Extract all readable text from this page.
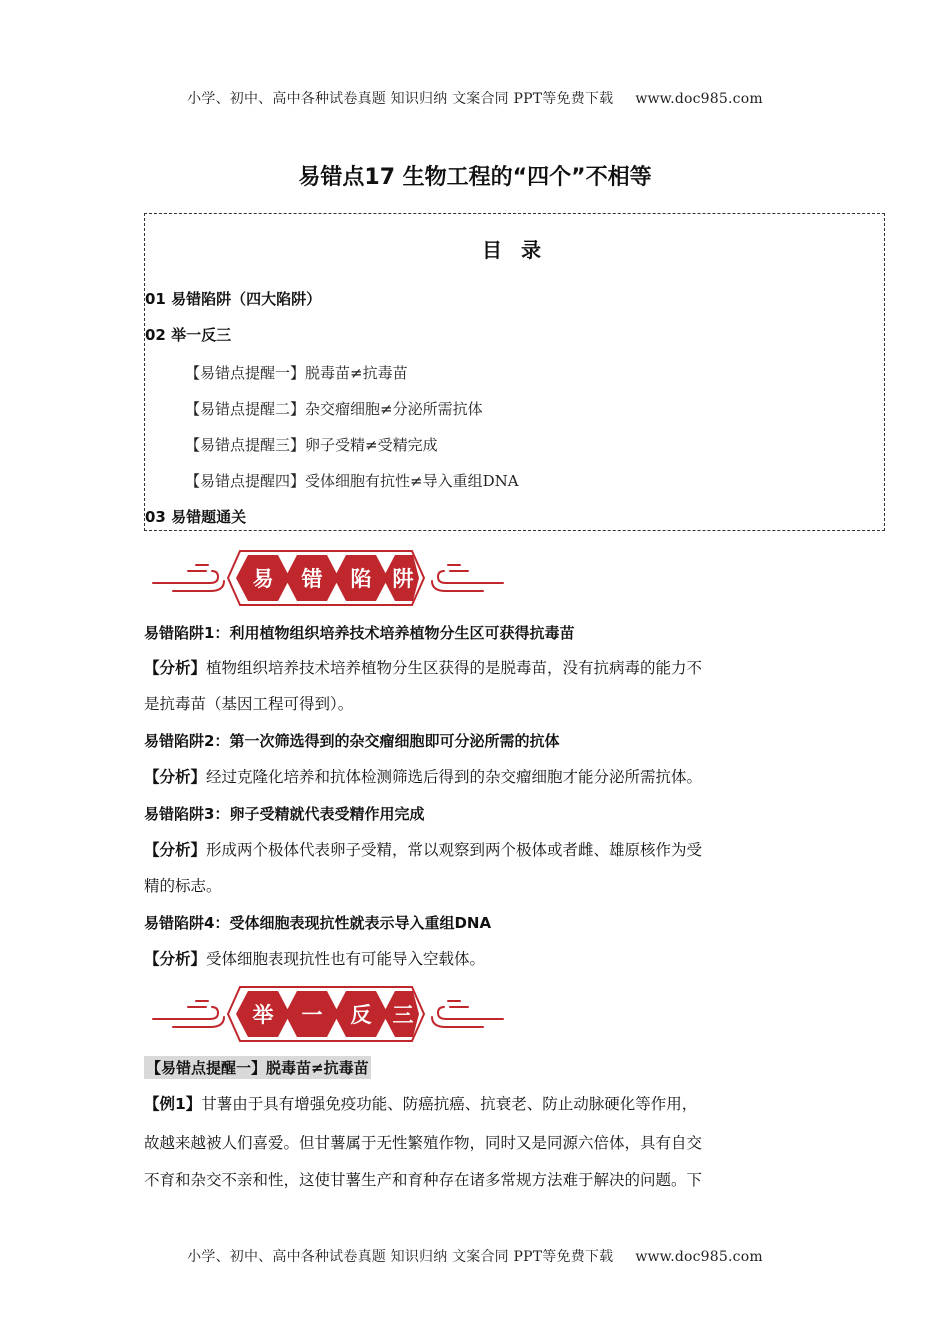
小学、初中、高中各种试卷真题 知识归纳 文案合同 PPT等免费下载 www.doc985.com
易错点17 生物工程的“四个”不相等
目 录
01 易错陷阱（四大陷阱）
02 举一反三
【易错点提醒一】脱毒苗≠抗毒苗
【易错点提醒二】杂交瘤细胞≠分泌所需抗体
【易错点提醒三】卵子受精≠受精完成
【易错点提醒四】受体细胞有抗性≠导入重组DNA
03 易错题通关
易 错 陷 阱
易错陷阱1：利用植物组织培养技术培养植物分生区可获得抗毒苗
【分析】植物组织培养技术培养植物分生区获得的是脱毒苗，没有抗病毒的能力不
是抗毒苗（基因工程可得到）。
易错陷阱2：第一次筛选得到的杂交瘤细胞即可分泌所需的抗体
【分析】经过克隆化培养和抗体检测筛选后得到的杂交瘤细胞才能分泌所需抗体。
易错陷阱3：卵子受精就代表受精作用完成
【分析】形成两个极体代表卵子受精，常以观察到两个极体或者雌、雄原核作为受
精的标志。
易错陷阱4：受体细胞表现抗性就表示导入重组DNA
【分析】受体细胞表现抗性也有可能导入空载体。
举 一 反 三
【易错点提醒一】脱毒苗≠抗毒苗
【例1】甘薯由于具有增强免疫功能、防癌抗癌、抗衰老、防止动脉硬化等作用，
故越来越被人们喜爱。但甘薯属于无性繁殖作物，同时又是同源六倍体，具有自交
不育和杂交不亲和性，这使甘薯生产和育种存在诸多常规方法难于解决的问题。下
小学、初中、高中各种试卷真题 知识归纳 文案合同 PPT等免费下载 www.doc985.com
